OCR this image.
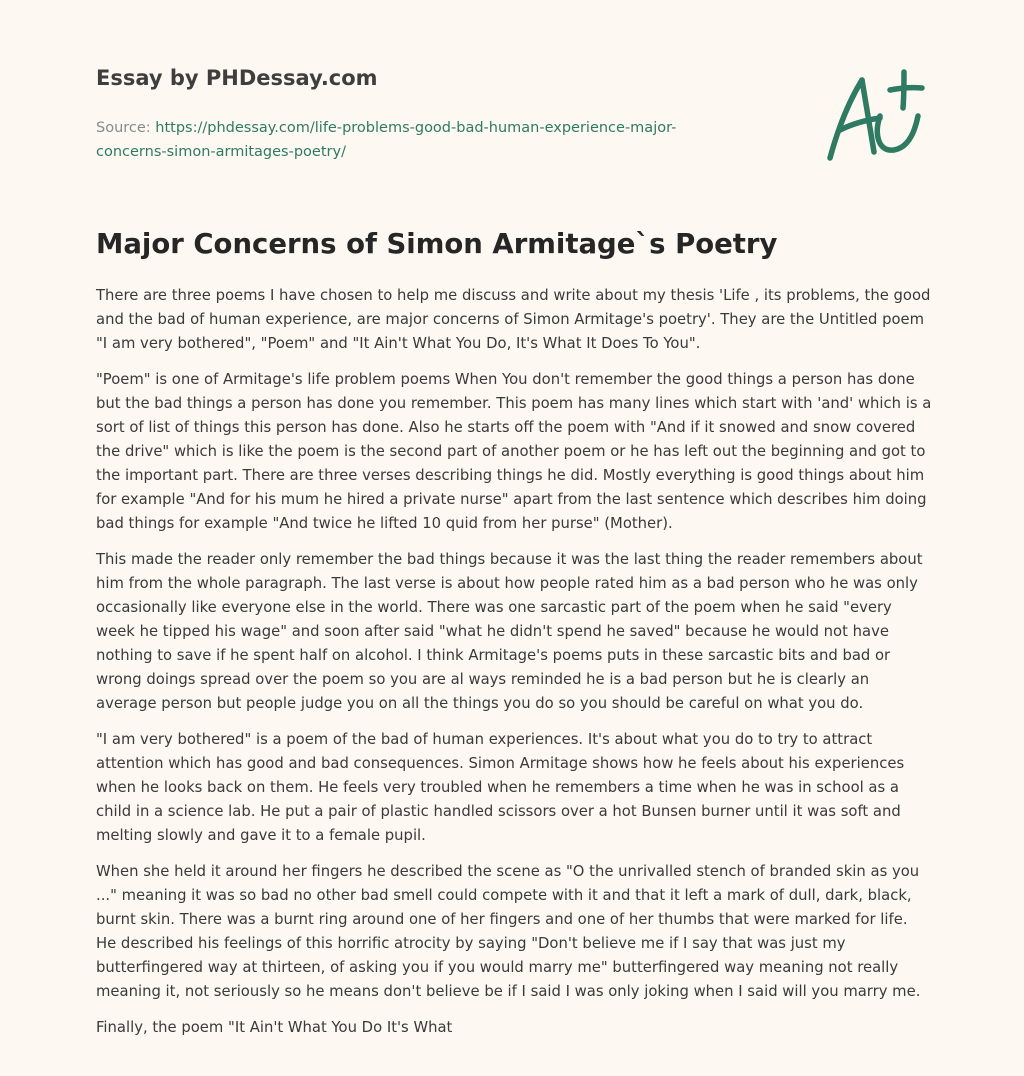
Essay by PHDessay.com
Source: https://phdessay.com/life-problems-good-bad-human-experience-major-
concerns-simon-armitages-poetry/
Major Concerns of Simon Armitage`s Poetry

There are three poems I have chosen to help me discuss and write about my thesis 'Life , its problems, the good and the bad of human experience, are major concerns of Simon Armitage's poetry'. They are the Untitled poem "I am very bothered", "Poem" and "It Ain't What You Do, It's What It Does To You".

"Poem" is one of Armitage's life problem poems When You don't remember the good things a person has done but the bad things a person has done you remember. This poem has many lines which start with 'and' which is a sort of list of things this person has done. Also he starts off the poem with "And if it snowed and snow covered the drive" which is like the poem is the second part of another poem or he has left out the beginning and got to the important part. There are three verses describing things he did. Mostly everything is good things about him for example "And for his mum he hired a private nurse" apart from the last sentence which describes him doing bad things for example "And twice he lifted 10 quid from her purse" (Mother).

This made the reader only remember the bad things because it was the last thing the reader remembers about him from the whole paragraph. The last verse is about how people rated him as a bad person who he was only occasionally like everyone else in the world. There was one sarcastic part of the poem when he said "every week he tipped his wage" and soon after said "what he didn't spend he saved" because he would not have nothing to save if he spent half on alcohol. I think Armitage's poems puts in these sarcastic bits and bad or wrong doings spread over the poem so you are al ways reminded he is a bad person but he is clearly an average person but people judge you on all the things you do so you should be careful on what you do.

"I am very bothered" is a poem of the bad of human experiences. It's about what you do to try to attract attention which has good and bad consequences. Simon Armitage shows how he feels about his experiences when he looks back on them. He feels very troubled when he remembers a time when he was in school as a child in a science lab. He put a pair of plastic handled scissors over a hot Bunsen burner until it was soft and melting slowly and gave it to a female pupil.

When she held it around her fingers he described the scene as "O the unrivalled stench of branded skin as you ..." meaning it was so bad no other bad smell could compete with it and that it left a mark of dull, dark, black, burnt skin. There was a burnt ring around one of her fingers and one of her thumbs that were marked for life. He described his feelings of this horrific atrocity by saying "Don't believe me if I say that was just my butterfingered way at thirteen, of asking you if you would marry me" butterfingered way meaning not really meaning it, not seriously so he means don't believe be if I said I was only joking when I said will you marry me.

Finally, the poem "It Ain't What You Do It's What
